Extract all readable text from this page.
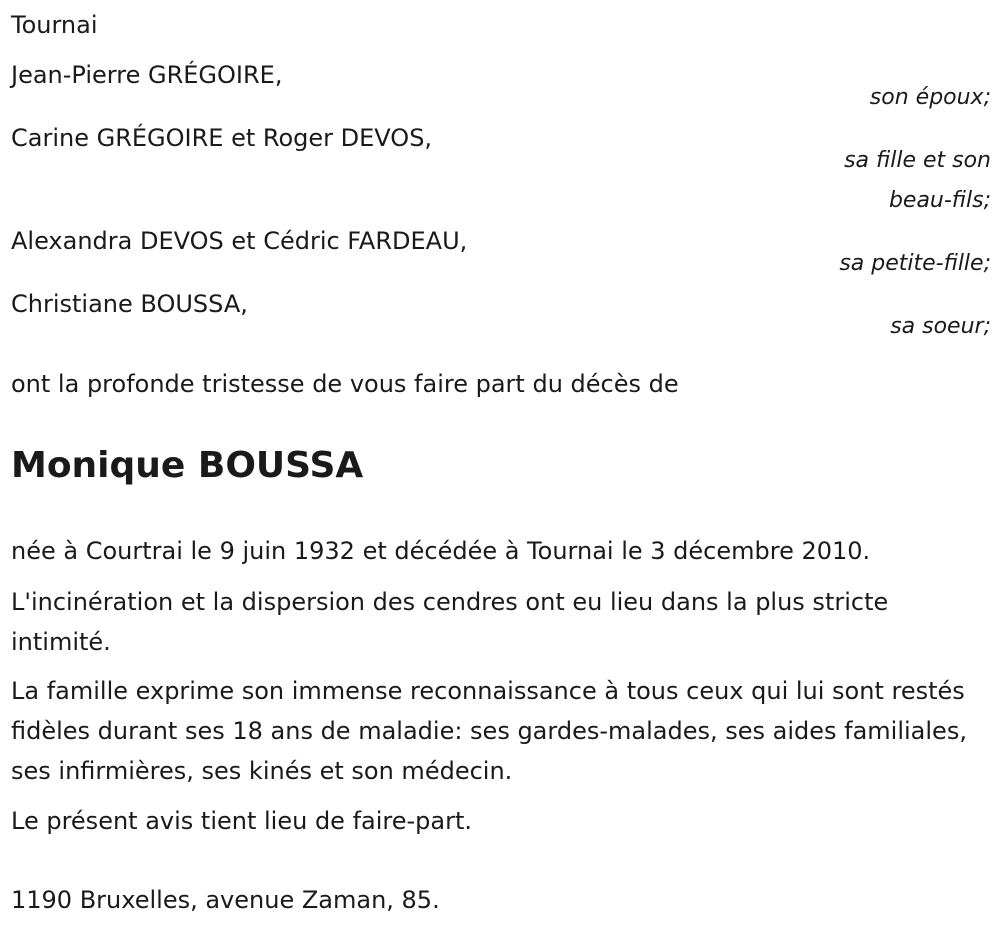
Tournai
Jean-Pierre GRÉGOIRE,
son époux;
Carine GRÉGOIRE et Roger DEVOS,
sa fille et son
beau-fils;
Alexandra DEVOS et Cédric FARDEAU,
sa petite-fille;
Christiane BOUSSA,
sa soeur;
ont la profonde tristesse de vous faire part du décès de
Monique BOUSSA
née à Courtrai le 9 juin 1932 et décédée à Tournai le 3 décembre 2010.
L'incinération et la dispersion des cendres ont eu lieu dans la plus stricte intimité.
La famille exprime son immense reconnaissance à tous ceux qui lui sont restés fidèles durant ses 18 ans de maladie: ses gardes-malades, ses aides familiales, ses infirmières, ses kinés et son médecin.
Le présent avis tient lieu de faire-part.
1190 Bruxelles, avenue Zaman, 85.
